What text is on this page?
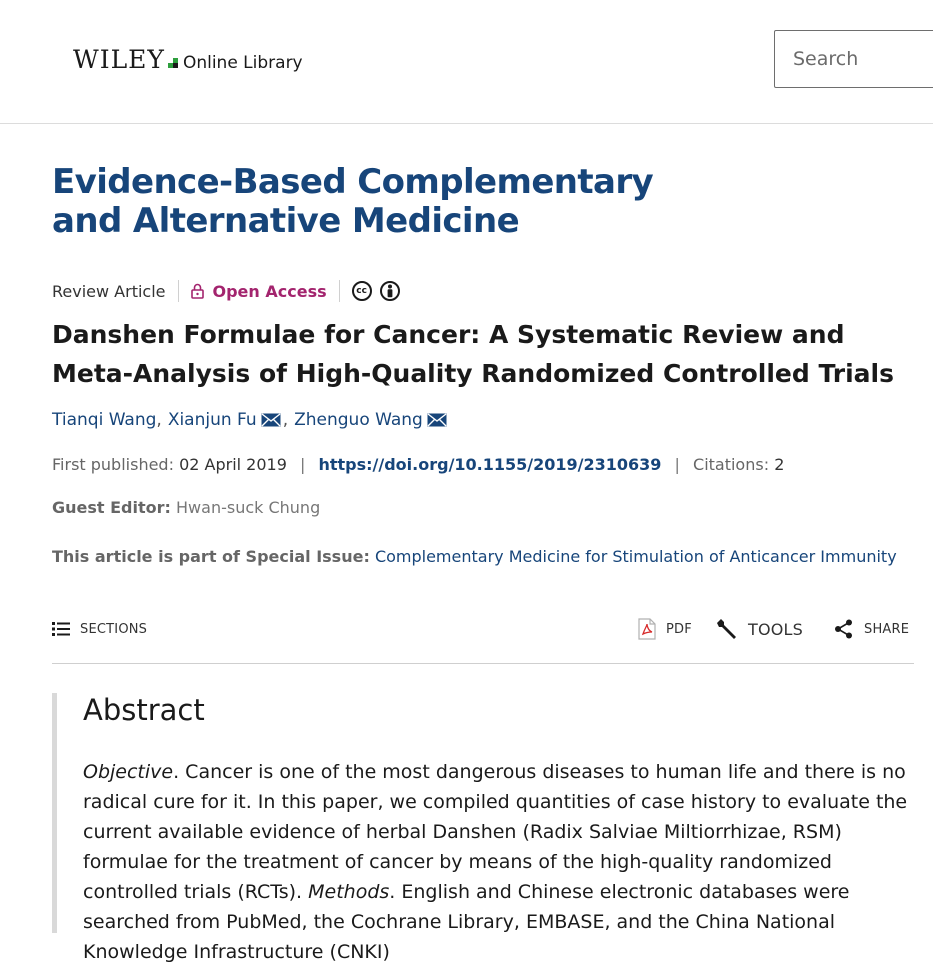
WILEY Online Library
Search
Evidence-Based Complementary
and Alternative Medicine
Review Article	Open Access	cc
Danshen Formulae for Cancer: A Systematic Review and Meta-Analysis of High-Quality Randomized Controlled Trials
Tianqi Wang , Xianjun Fu , Zhenguo Wang
First published: 02 April 2019 | https://doi.org/10.1155/2019/2310639 | Citations: 2
Guest Editor: Hwan-suck Chung
This article is part of Special Issue: Complementary Medicine for Stimulation of Anticancer Immunity
SECTIONS	PDF	TOOLS	SHARE
Abstract

Objective. Cancer is one of the most dangerous diseases to human life and there is no radical cure for it. In this paper, we compiled quantities of case history to evaluate the current available evidence of herbal Danshen (Radix Salviae Miltiorrhizae, RSM) formulae for the treatment of cancer by means of the high-quality randomized controlled trials (RCTs). Methods. English and Chinese electronic databases were searched from PubMed, the Cochrane Library, EMBASE, and the China National Knowledge Infrastructure (CNKI)
